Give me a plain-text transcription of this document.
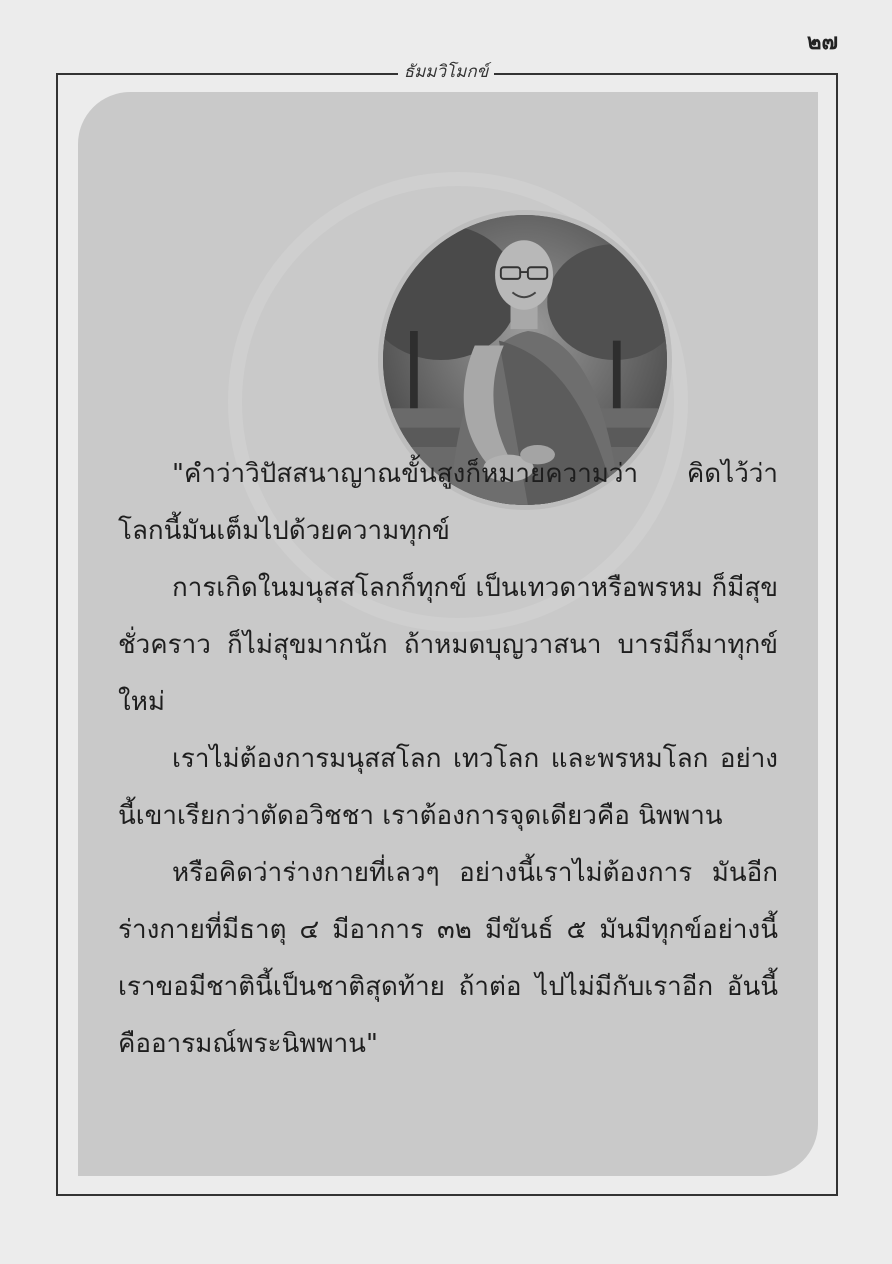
๒๗
ธัมมวิโมกข์

"คำว่าวิปัสสนาญาณขั้นสูงก็หมายความว่า คิดไว้ว่าโลกนี้มันเต็มไปด้วยความทุกข์

การเกิดในมนุสสโลกก็ทุกข์ เป็นเทวดาหรือพรหม ก็มีสุขชั่วคราว ก็ไม่สุขมากนัก ถ้าหมดบุญวาสนา บารมีก็มาทุกข์ใหม่

เราไม่ต้องการมนุสสโลก เทวโลก และพรหมโลก อย่างนี้เขาเรียกว่าตัดอวิชชา เราต้องการจุดเดียวคือ นิพพาน

หรือคิดว่าร่างกายที่เลวๆ อย่างนี้เราไม่ต้องการ มันอีก ร่างกายที่มีธาตุ ๔ มีอาการ ๓๒ มีขันธ์ ๕ มันมีทุกข์อย่างนี้เราขอมีชาตินี้เป็นชาติสุดท้าย ถ้าต่อ ไปไม่มีกับเราอีก อันนี้คืออารมณ์พระนิพพาน"
